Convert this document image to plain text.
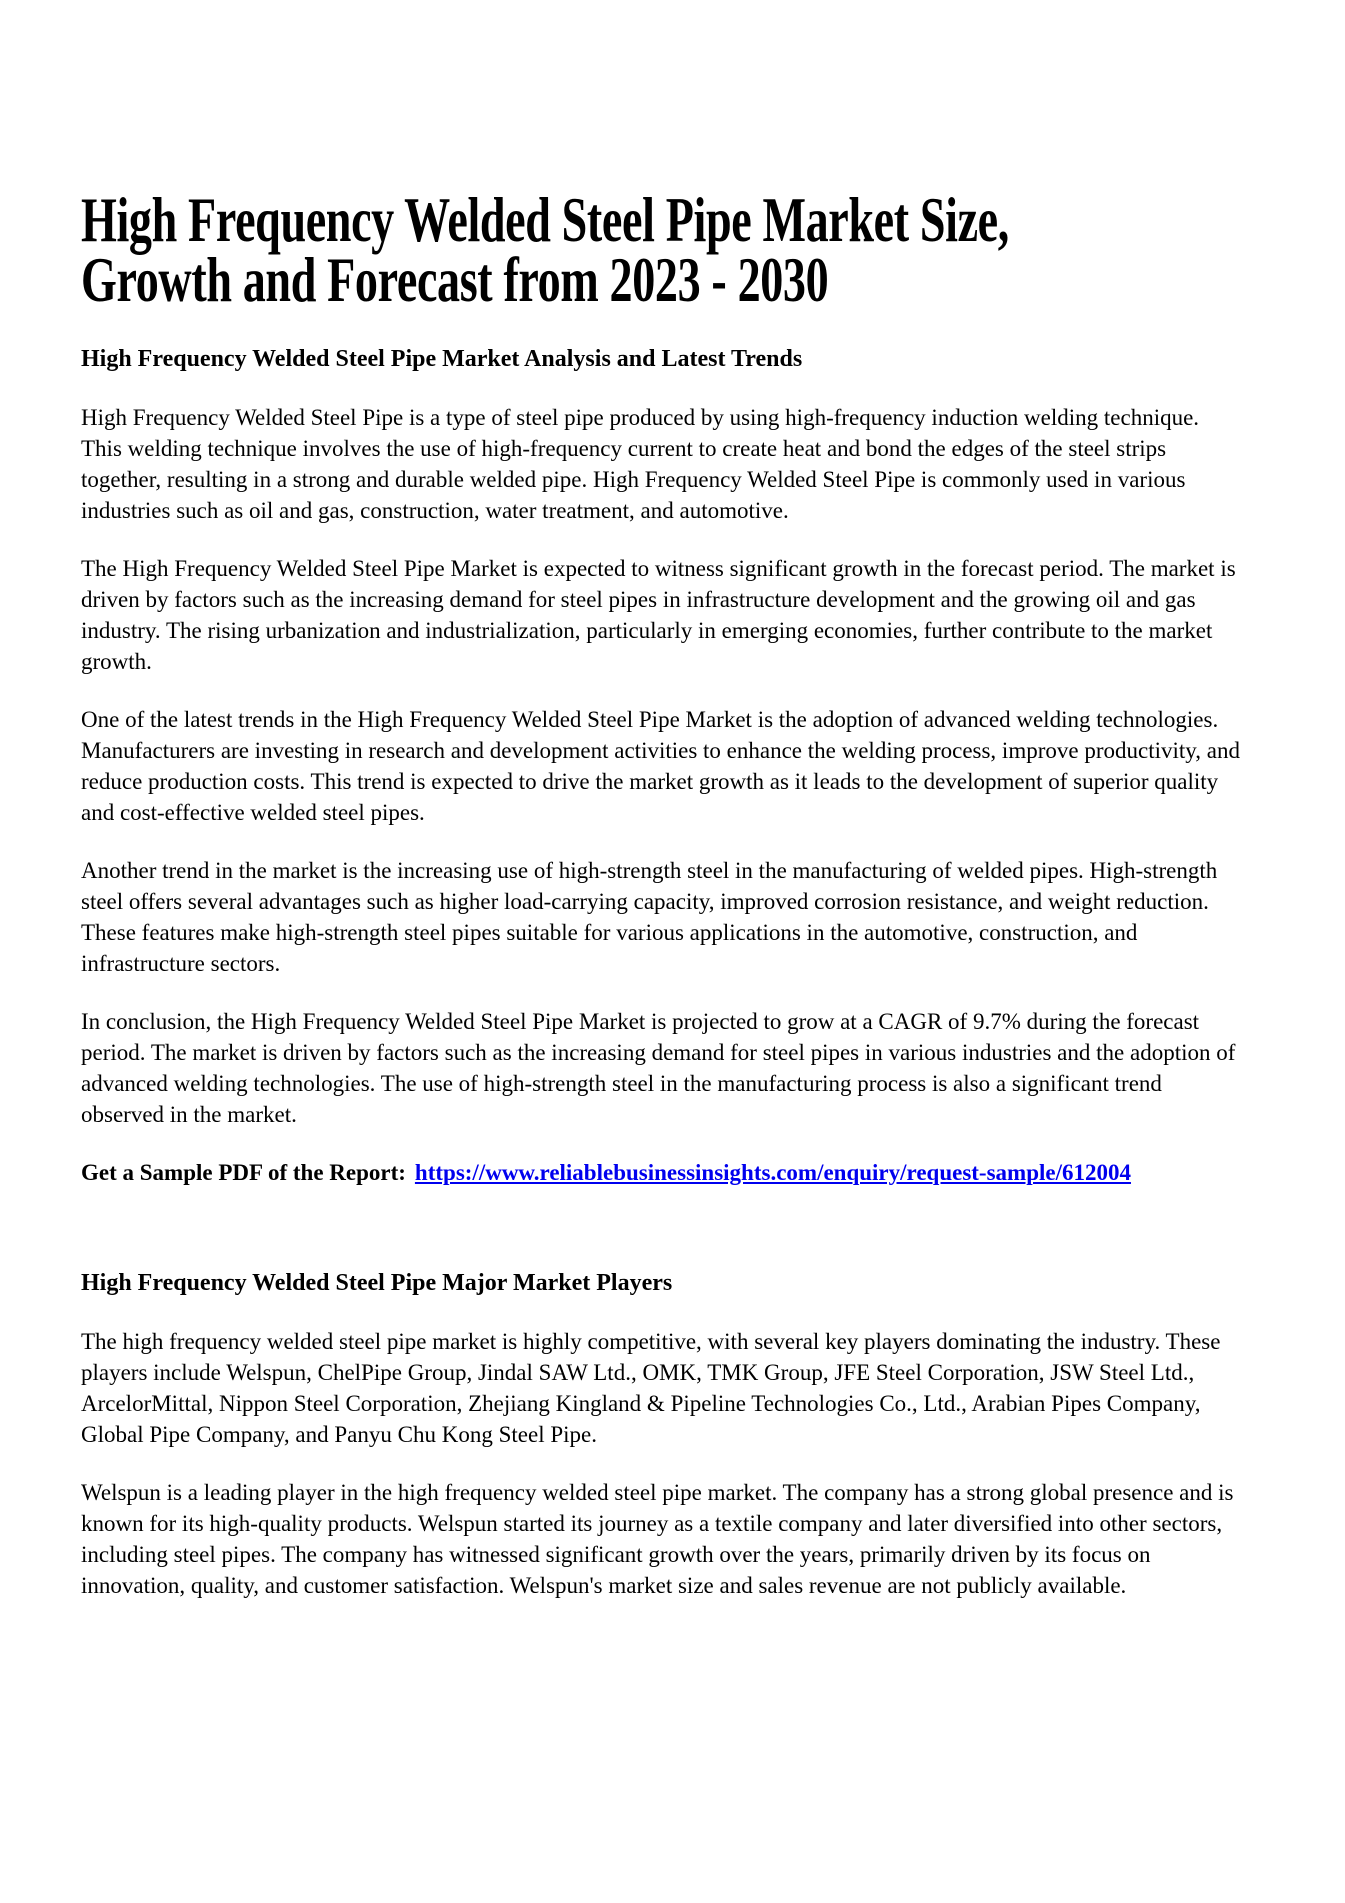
High Frequency Welded Steel Pipe Market Size,
Growth and Forecast from 2023 - 2030
High Frequency Welded Steel Pipe Market Analysis and Latest Trends

High Frequency Welded Steel Pipe is a type of steel pipe produced by using high-frequency induction welding technique. This welding technique involves the use of high-frequency current to create heat and bond the edges of the steel strips together, resulting in a strong and durable welded pipe. High Frequency Welded Steel Pipe is commonly used in various industries such as oil and gas, construction, water treatment, and automotive.

The High Frequency Welded Steel Pipe Market is expected to witness significant growth in the forecast period. The market is driven by factors such as the increasing demand for steel pipes in infrastructure development and the growing oil and gas industry. The rising urbanization and industrialization, particularly in emerging economies, further contribute to the market growth.

One of the latest trends in the High Frequency Welded Steel Pipe Market is the adoption of advanced welding technologies. Manufacturers are investing in research and development activities to enhance the welding process, improve productivity, and reduce production costs. This trend is expected to drive the market growth as it leads to the development of superior quality and cost-effective welded steel pipes.

Another trend in the market is the increasing use of high-strength steel in the manufacturing of welded pipes. High-strength steel offers several advantages such as higher load-carrying capacity, improved corrosion resistance, and weight reduction. These features make high-strength steel pipes suitable for various applications in the automotive, construction, and infrastructure sectors.

In conclusion, the High Frequency Welded Steel Pipe Market is projected to grow at a CAGR of 9.7% during the forecast period. The market is driven by factors such as the increasing demand for steel pipes in various industries and the adoption of advanced welding technologies. The use of high-strength steel in the manufacturing process is also a significant trend observed in the market.

Get a Sample PDF of the Report: https://www.reliablebusinessinsights.com/enquiry/request-sample/612004

High Frequency Welded Steel Pipe Major Market Players

The high frequency welded steel pipe market is highly competitive, with several key players dominating the industry. These players include Welspun, ChelPipe Group, Jindal SAW Ltd., OMK, TMK Group, JFE Steel Corporation, JSW Steel Ltd., ArcelorMittal, Nippon Steel Corporation, Zhejiang Kingland & Pipeline Technologies Co., Ltd., Arabian Pipes Company, Global Pipe Company, and Panyu Chu Kong Steel Pipe.

Welspun is a leading player in the high frequency welded steel pipe market. The company has a strong global presence and is known for its high-quality products. Welspun started its journey as a textile company and later diversified into other sectors, including steel pipes. The company has witnessed significant growth over the years, primarily driven by its focus on innovation, quality, and customer satisfaction. Welspun's market size and sales revenue are not publicly available.
